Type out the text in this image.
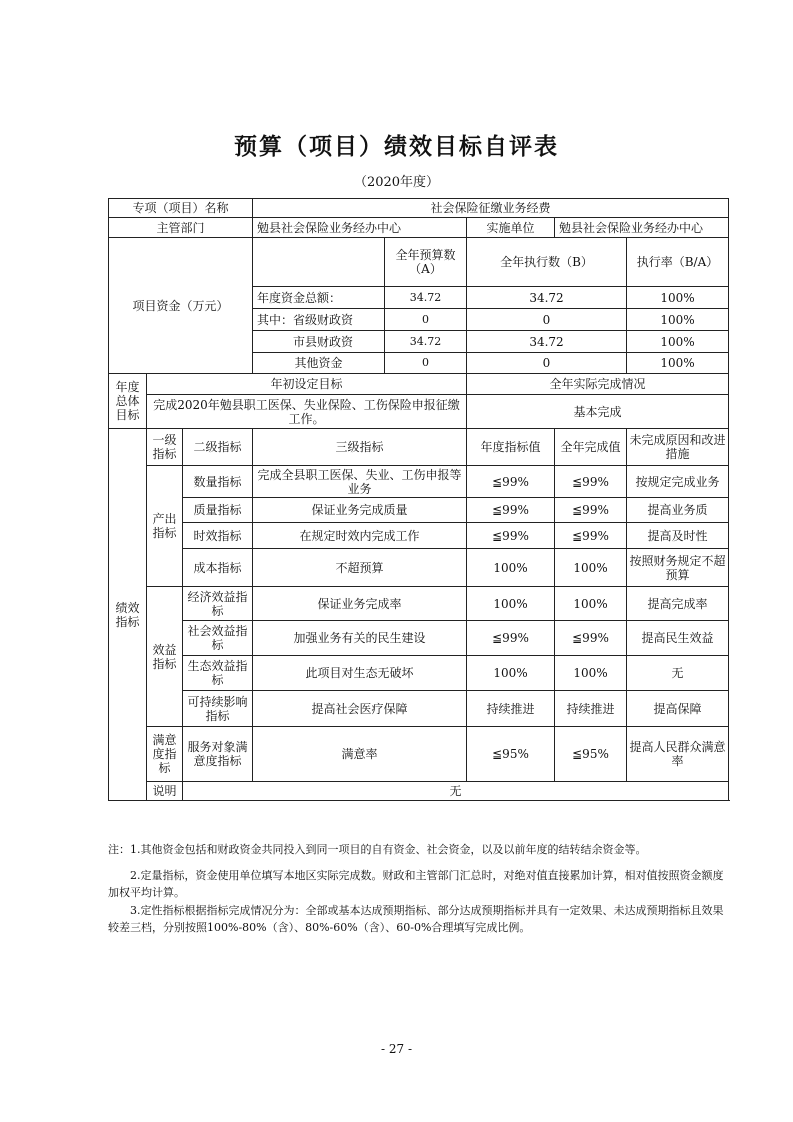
预算（项目）绩效目标自评表
（2020年度）
专项（项目）名称			社会保险征缴业务经费				
主管部门			勉县社会保险业务经办中心		实施单位	勉县社会保险业务经办中心	
项目资金（万元）				全年预算数（A）	全年执行数（B）		执行率（B/A）
			年度资金总额：	34.72	34.72		100%
			其中：省级财政资	0	0		100%
			市县财政资	34.72	34.72		100%
			其他资金	0	0		100%
年度总体目标	年初设定目标				全年实际完成情况		
	完成2020年勉县职工医保、失业保险、工伤保险申报征缴工作。				基本完成		

绩效指标	一级指标	二级指标	三级指标		年度指标值	全年完成值	未完成原因和改进措施
	产出指标	数量指标	完成全县职工医保、失业、工伤申报等业务		≦99%	≦99%	按规定完成业务
		质量指标	保证业务完成质量		≦99%	≦99%	提高业务质
		时效指标	在规定时效内完成工作		≦99%	≦99%	提高及时性
		成本指标	不超预算		100%	100%	按照财务规定不超预算
	效益指标	经济效益指标	保证业务完成率		100%	100%	提高完成率
		社会效益指标	加强业务有关的民生建设		≦99%	≦99%	提高民生效益
		生态效益指标	此项目对生态无破坏		100%	100%	无
		可持续影响指标	提高社会医疗保障		持续推进	持续推进	提高保障
	满意度指标	服务对象满意度指标	满意率		≦95%	≦95%	提高人民群众满意率
	说明	无					
注：1.其他资金包括和财政资金共同投入到同一项目的自有资金、社会资金，以及以前年度的结转结余资金等。
2.定量指标，资金使用单位填写本地区实际完成数。财政和主管部门汇总时，对绝对值直接累加计算，相对值按照资金额度加权平均计算。
3.定性指标根据指标完成情况分为：全部或基本达成预期指标、部分达成预期指标并具有一定效果、未达成预期指标且效果较差三档，分别按照100%-80%（含）、80%-60%（含）、60-0%合理填写完成比例。
- 27 -
